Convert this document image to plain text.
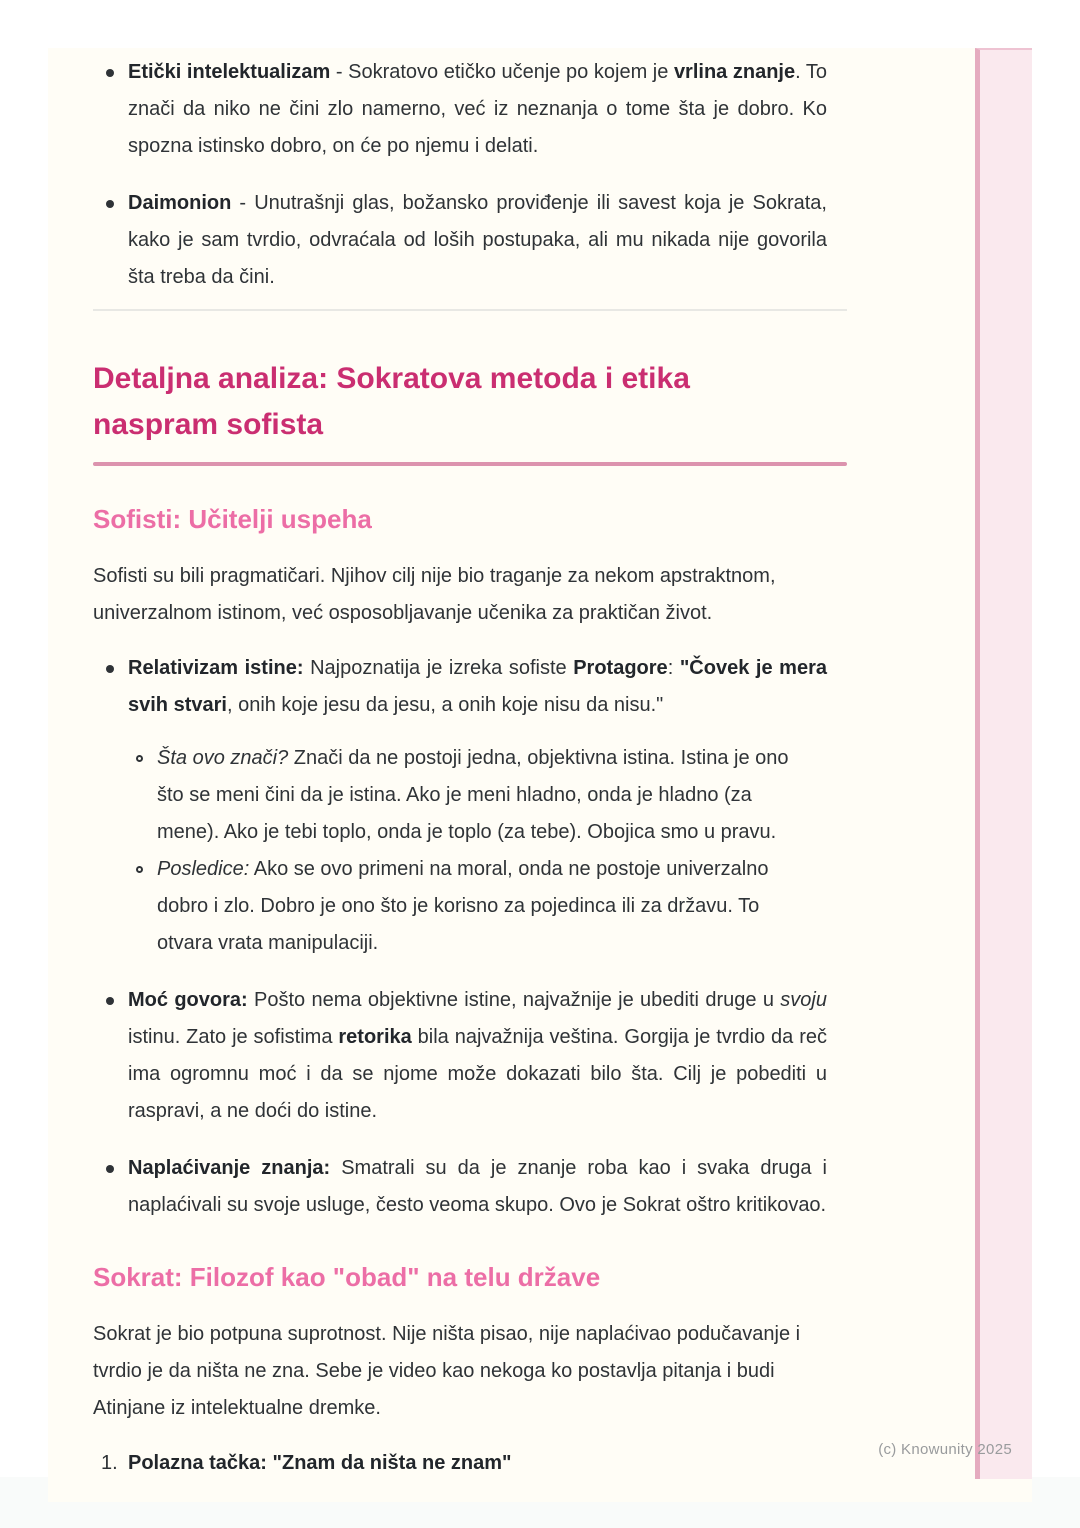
Etički intelektualizam - Sokratovo etičko učenje po kojem je vrlina znanje. To znači da niko ne čini zlo namerno, već iz neznanja o tome šta je dobro. Ko spozna istinsko dobro, on će po njemu i delati.
Daimonion - Unutrašnji glas, božansko proviđenje ili savest koja je Sokrata, kako je sam tvrdio, odvraćala od loših postupaka, ali mu nikada nije govorila šta treba da čini.
Detaljna analiza: Sokratova metoda i etika naspram sofista
Sofisti: Učitelji uspeha

Sofisti su bili pragmatičari. Njihov cilj nije bio traganje za nekom apstraktnom, univerzalnom istinom, već osposobljavanje učenika za praktičan život.

Relativizam istine: Najpoznatija je izreka sofiste Protagore: "Čovek je mera svih stvari, onih koje jesu da jesu, a onih koje nisu da nisu."
Šta ovo znači? Znači da ne postoji jedna, objektivna istina. Istina je ono što se meni čini da je istina. Ako je meni hladno, onda je hladno (za mene). Ako je tebi toplo, onda je toplo (za tebe). Obojica smo u pravu.
Posledice: Ako se ovo primeni na moral, onda ne postoje univerzalno dobro i zlo. Dobro je ono što je korisno za pojedinca ili za državu. To otvara vrata manipulaciji.
Moć govora: Pošto nema objektivne istine, najvažnije je ubediti druge u svoju istinu. Zato je sofistima retorika bila najvažnija veština. Gorgija je tvrdio da reč ima ogromnu moć i da se njome može dokazati bilo šta. Cilj je pobediti u raspravi, a ne doći do istine.
Naplaćivanje znanja: Smatrali su da je znanje roba kao i svaka druga i naplaćivali su svoje usluge, često veoma skupo. Ovo je Sokrat oštro kritikovao.
Sokrat: Filozof kao "obad" na telu države

Sokrat je bio potpuna suprotnost. Nije ništa pisao, nije naplaćivao podučavanje i tvrdio je da ništa ne zna. Sebe je video kao nekoga ko postavlja pitanja i budi Atinjane iz intelektualne dremke.

1. Polazna tačka: "Znam da ništa ne znam"
(c) Knowunity 2025
